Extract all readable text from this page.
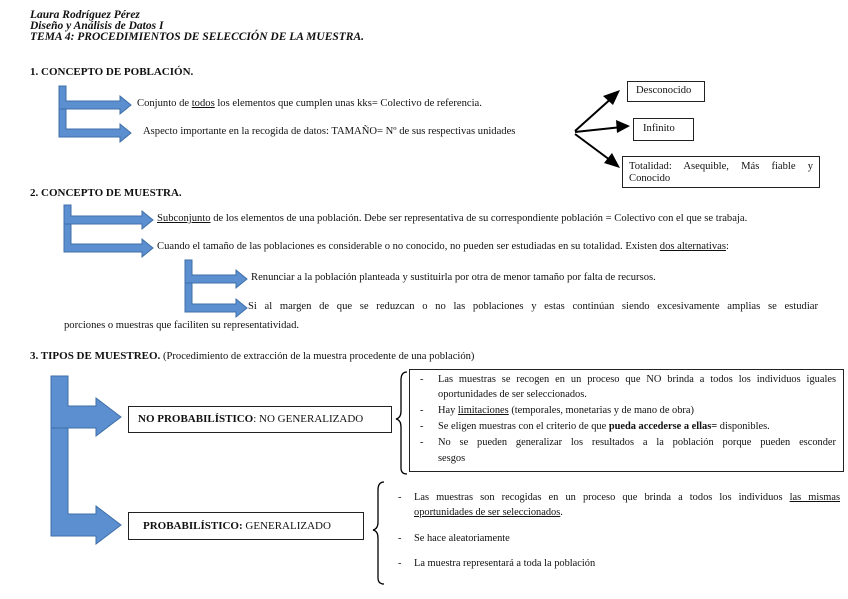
Laura Rodríguez Pérez
Diseño y Análisis de Datos I
TEMA 4: PROCEDIMIENTOS DE SELECCIÓN DE LA MUESTRA.
1. CONCEPTO DE POBLACIÓN.
Conjunto de todos los elementos que cumplen unas kks= Colectivo de referencia.
Aspecto importante en la recogida de datos: TAMAÑO= Nº de sus respectivas unidades
Desconocido
Infinito
Totalidad: Asequible, Más fiable y
Conocido
2. CONCEPTO DE MUESTRA.
Subconjunto de los elementos de una población. Debe ser representativa de su correspondiente población = Colectivo con el que se trabaja.
Cuando el tamaño de las poblaciones es considerable o no conocido, no pueden ser estudiadas en su totalidad. Existen dos alternativas:
Renunciar a la población planteada y sustituirla por otra de menor tamaño por falta de recursos.
Si al margen de que se reduzcan o no las poblaciones y estas continúan siendo excesivamente amplias se estudiar
porciones o muestras que faciliten su representatividad.
3. TIPOS DE MUESTREO. (Procedimiento de extracción de la muestra procedente de una población)
NO PROBABILÍSTICO: NO GENERALIZADO
- Las muestras se recogen en un proceso que NO brinda a todos los individuos iguales
oportunidades de ser seleccionados.
- Hay limitaciones (temporales, monetarias y de mano de obra)
- Se eligen muestras con el criterio de que pueda accederse a ellas= disponibles.
- No se pueden generalizar los resultados a la población porque pueden esconder
sesgos
PROBABILÍSTICO: GENERALIZADO
- Las muestras son recogidas en un proceso que brinda a todos los individuos las mismas
oportunidades de ser seleccionados.
- Se hace aleatoriamente
- La muestra representará a toda la población
